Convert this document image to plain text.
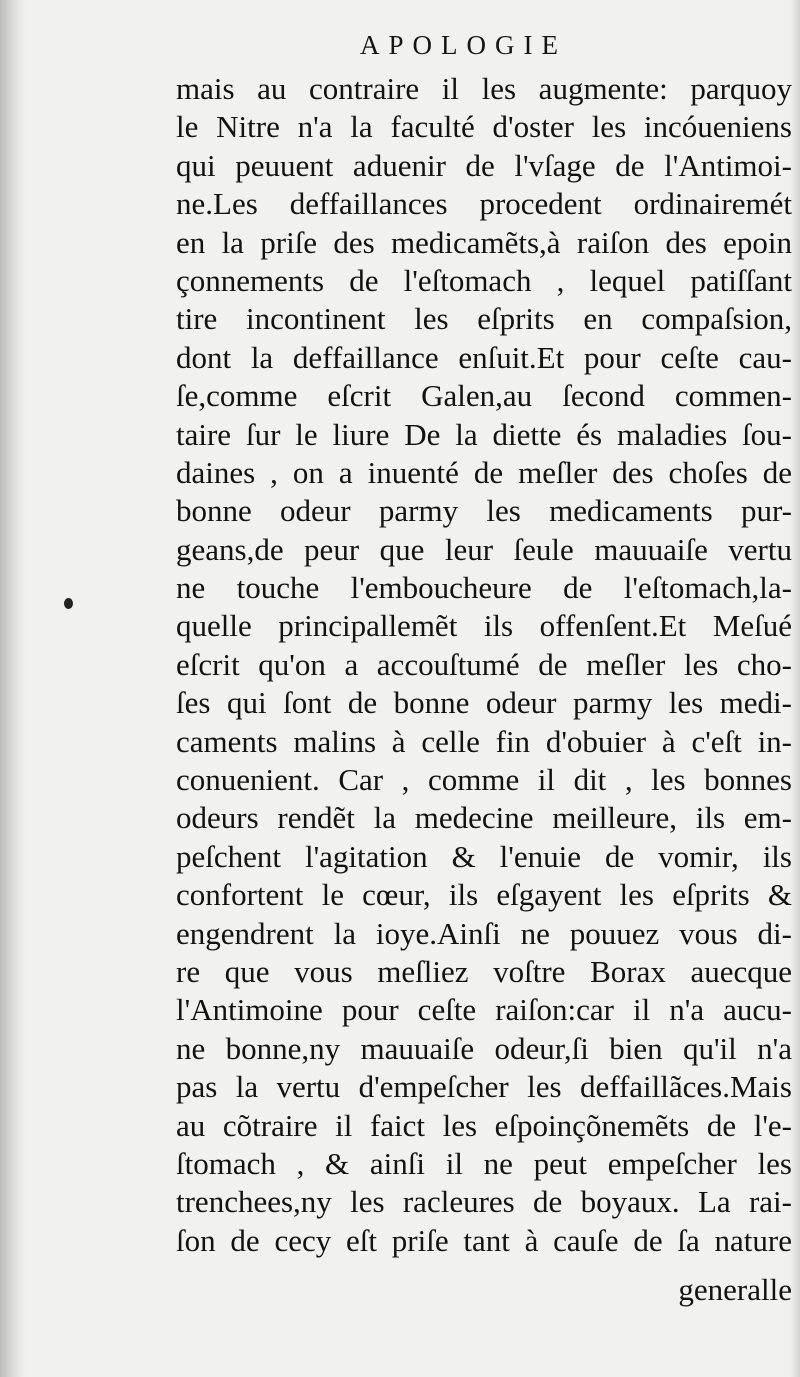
APOLOGIE
mais au contraire il les augmente: parquoy
le Nitre n'a la faculté d'oster les incóueniens
qui peuuent aduenir de l'vſage de l'Antimoi-
ne.Les deffaillances procedent ordinairemét
en la priſe des medicamẽts,à raiſon des epoin
çonnements de l'eſtomach , lequel patiſſant
tire incontinent les eſprits en compaſsion,
dont la deffaillance enſuit.Et pour ceſte cau-
ſe,comme eſcrit Galen,au ſecond commen-
taire ſur le liure De la diette és maladies ſou-
daines , on a inuenté de meſler des choſes de
bonne odeur parmy les medicaments pur-
geans,de peur que leur ſeule mauuaiſe vertu
ne touche l'emboucheure de l'eſtomach,la-
quelle principallemẽt ils offenſent.Et Meſué
eſcrit qu'on a accouſtumé de meſler les cho-
ſes qui ſont de bonne odeur parmy les medi-
caments malins à celle fin d'obuier à c'eſt in-
conuenient. Car , comme il dit , les bonnes
odeurs rendẽt la medecine meilleure, ils em-
peſchent l'agitation & l'enuie de vomir, ils
confortent le cœur, ils eſgayent les eſprits &
engendrent la ioye.Ainſi ne pouuez vous di-
re que vous meſliez voſtre Borax auecque
l'Antimoine pour ceſte raiſon:car il n'a aucu-
ne bonne,ny mauuaiſe odeur,ſi bien qu'il n'a
pas la vertu d'empeſcher les deffaillãces.Mais
au cõtraire il faict les eſpoinçõnemẽts de l'e-
ſtomach , & ainſi il ne peut empeſcher les
trenchees,ny les racleures de boyaux. La rai-
ſon de cecy eſt priſe tant à cauſe de ſa nature
generalle
